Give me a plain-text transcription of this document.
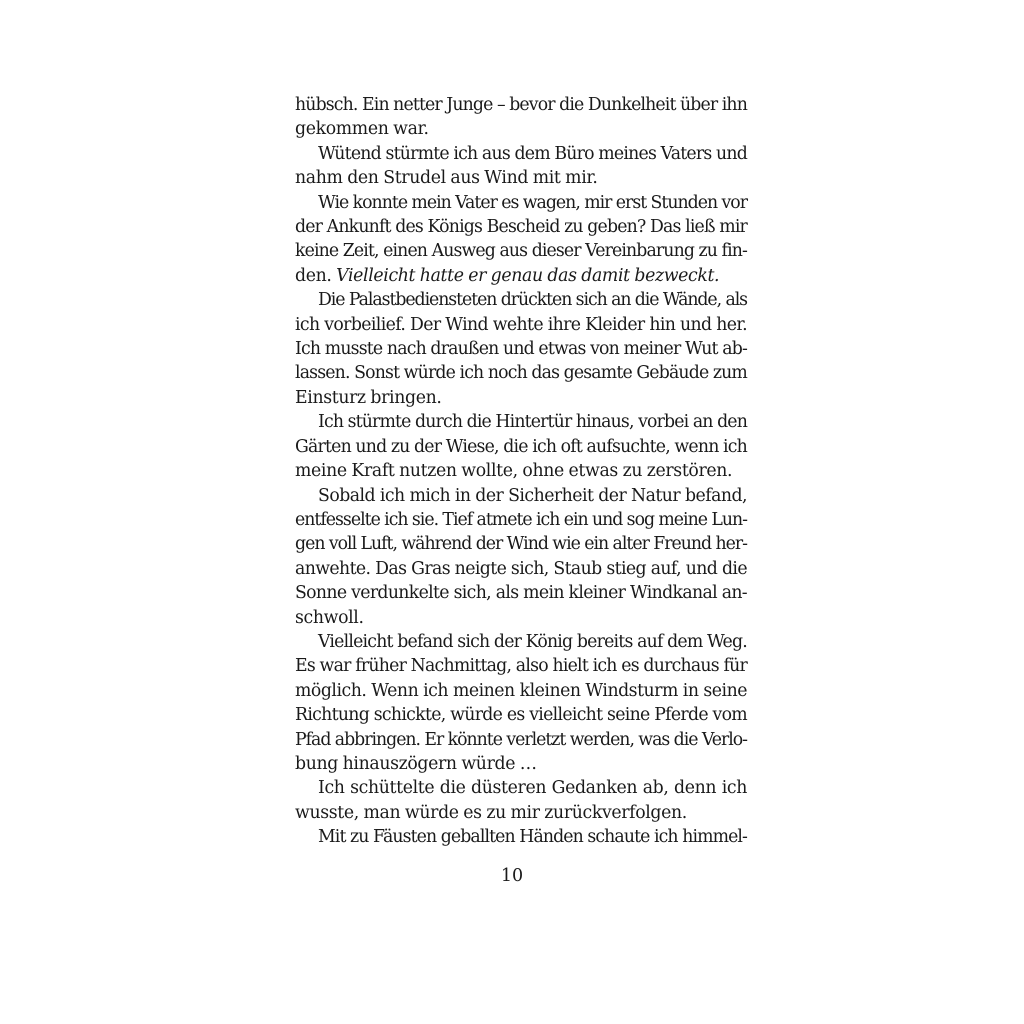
hübsch. Ein netter Junge – bevor die Dunkelheit über ihn
gekommen war.
Wütend stürmte ich aus dem Büro meines Vaters und
nahm den Strudel aus Wind mit mir.
Wie konnte mein Vater es wagen, mir erst Stunden vor
der Ankunft des Königs Bescheid zu geben? Das ließ mir
keine Zeit, einen Ausweg aus dieser Vereinbarung zu fin-
den. Vielleicht hatte er genau das damit bezweckt.
Die Palastbediensteten drückten sich an die Wände, als
ich vorbeilief. Der Wind wehte ihre Kleider hin und her.
Ich musste nach draußen und etwas von meiner Wut ab-
lassen. Sonst würde ich noch das gesamte Gebäude zum
Einsturz bringen.
Ich stürmte durch die Hintertür hinaus, vorbei an den
Gärten und zu der Wiese, die ich oft aufsuchte, wenn ich
meine Kraft nutzen wollte, ohne etwas zu zerstören.
Sobald ich mich in der Sicherheit der Natur befand,
entfesselte ich sie. Tief atmete ich ein und sog meine Lun-
gen voll Luft, während der Wind wie ein alter Freund her-
anwehte. Das Gras neigte sich, Staub stieg auf, und die
Sonne verdunkelte sich, als mein kleiner Windkanal an-
schwoll.
Vielleicht befand sich der König bereits auf dem Weg.
Es war früher Nachmittag, also hielt ich es durchaus für
möglich. Wenn ich meinen kleinen Windsturm in seine
Richtung schickte, würde es vielleicht seine Pferde vom
Pfad abbringen. Er könnte verletzt werden, was die Verlo-
bung hinauszögern würde …
Ich schüttelte die düsteren Gedanken ab, denn ich
wusste, man würde es zu mir zurückverfolgen.
Mit zu Fäusten geballten Händen schaute ich himmel-
10
